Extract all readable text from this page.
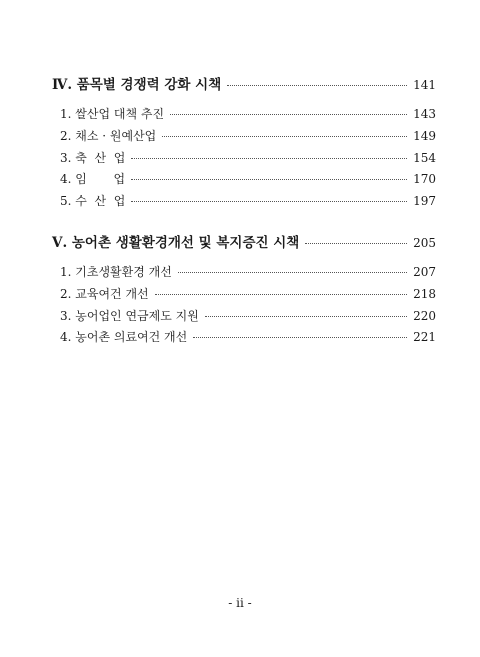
Ⅳ. 품목별 경쟁력 강화 시책	141
1. 쌀산업 대책 추진	143
2. 채소 · 원예산업	149
3. 축  산  업	154
4. 임       업	170
5. 수  산  업	197
Ⅴ. 농어촌 생활환경개선 및 복지증진 시책	205
1. 기초생활환경 개선	207
2. 교육여건 개선	218
3. 농어업인 연금제도 지원	220
4. 농어촌 의료여건 개선	221
- ii -
